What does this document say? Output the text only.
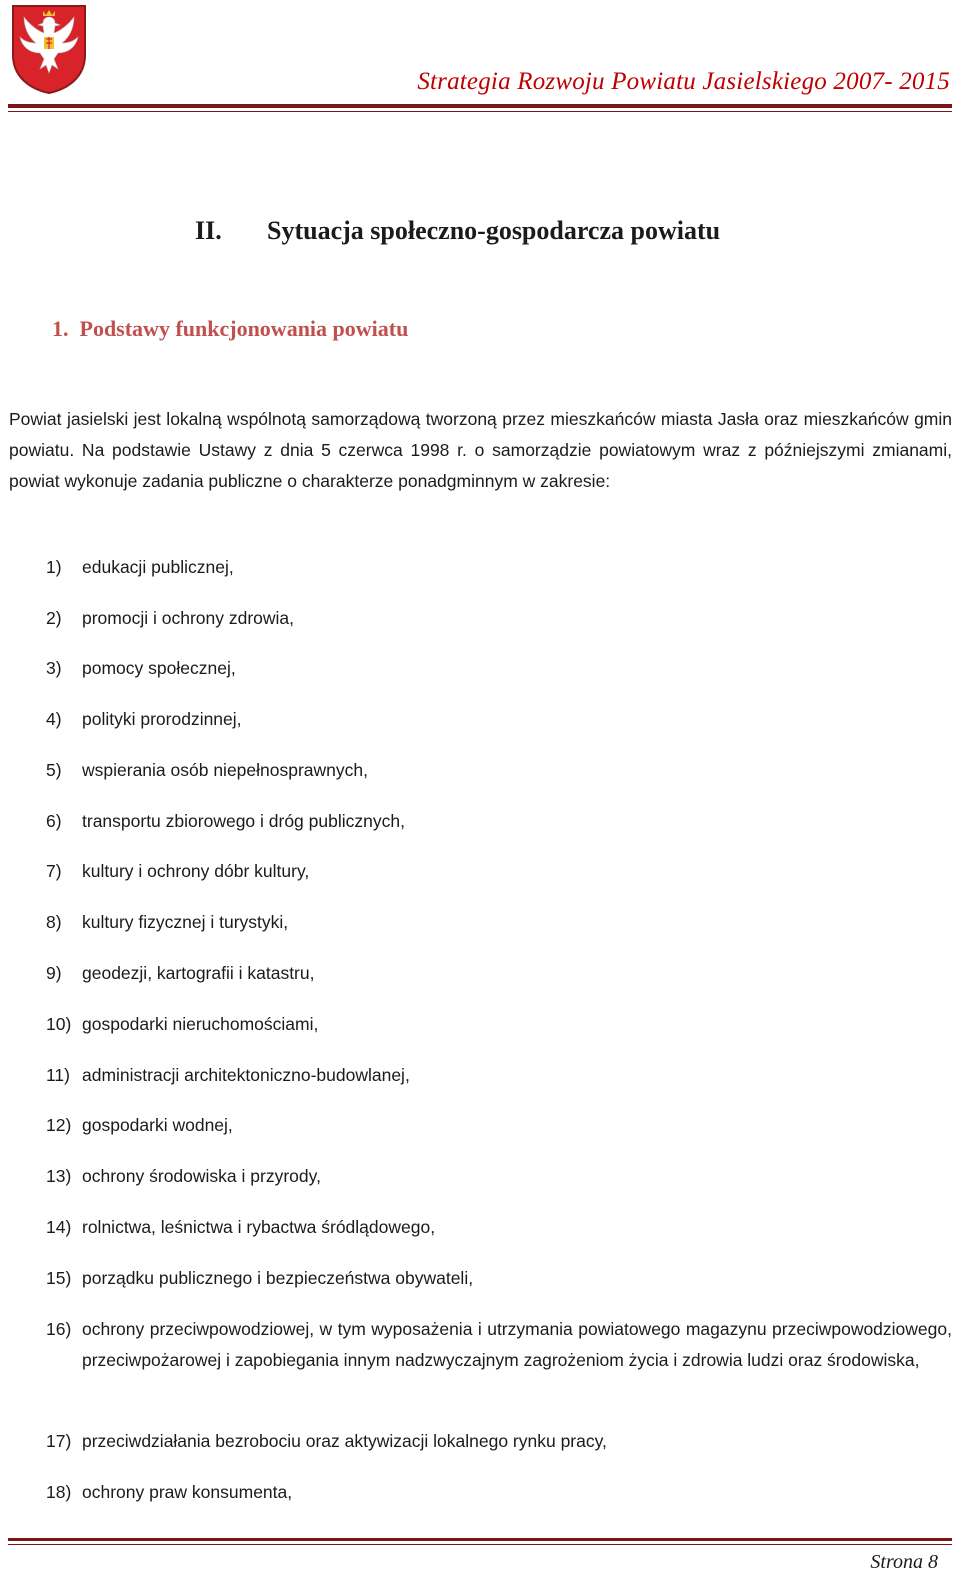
Strategia Rozwoju Powiatu Jasielskiego 2007- 2015
II. Sytuacja społeczno-gospodarcza powiatu
1. Podstawy funkcjonowania powiatu

Powiat jasielski jest lokalną wspólnotą samorządową tworzoną przez mieszkańców miasta Jasła oraz mieszkańców gmin powiatu. Na podstawie Ustawy z dnia 5 czerwca 1998 r. o samorządzie powiatowym wraz z późniejszymi zmianami, powiat wykonuje zadania publiczne o charakterze ponadgminnym w zakresie:

1) edukacji publicznej,
2) promocji i ochrony zdrowia,
3) pomocy społecznej,
4) polityki prorodzinnej,
5) wspierania osób niepełnosprawnych,
6) transportu zbiorowego i dróg publicznych,
7) kultury i ochrony dóbr kultury,
8) kultury fizycznej i turystyki,
9) geodezji, kartografii i katastru,
10) gospodarki nieruchomościami,
11) administracji architektoniczno-budowlanej,
12) gospodarki wodnej,
13) ochrony środowiska i przyrody,
14) rolnictwa, leśnictwa i rybactwa śródlądowego,
15) porządku publicznego i bezpieczeństwa obywateli,
16) ochrony przeciwpowodziowej, w tym wyposażenia i utrzymania powiatowego magazynu przeciwpowodziowego, przeciwpożarowej i zapobiegania innym nadzwyczajnym zagrożeniom życia i zdrowia ludzi oraz środowiska,
17) przeciwdziałania bezrobociu oraz aktywizacji lokalnego rynku pracy,
18) ochrony praw konsumenta,
Strona 8
